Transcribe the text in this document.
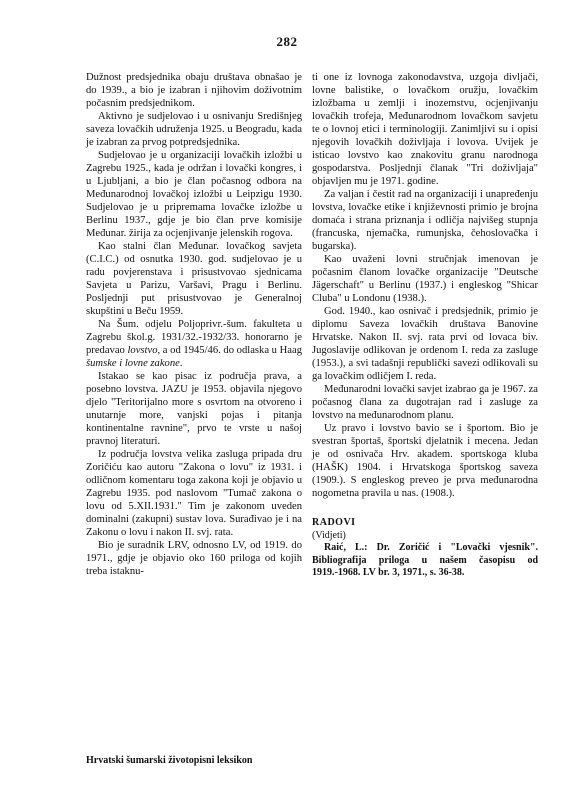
282

Dužnost predsjednika obaju društava obnašao je do 1939., a bio je izabran i njihovim doživotnim počasnim predsjednikom.

Aktivno je sudjelovao i u osnivanju Središnjeg saveza lovačkih udruženja 1925. u Beogradu, kada je izabran za prvog potpredsjednika.

Sudjelovao je u organizaciji lovačkih izložbi u Zagrebu 1925., kada je održan i lovački kongres, i u Ljubljani, a bio je član počasnog odbora na Međunarodnoj lovačkoj izložbi u Leipzigu 1930. Sudjelovao je u pripremama lovačke izložbe u Berlinu 1937., gdje je bio član prve komisije Međunar. žirija za ocjenjivanje jelenskih rogova.

Kao stalni član Međunar. lovačkog savjeta (C.I.C.) od osnutka 1930. god. sudjelovao je u radu povjerenstava i prisustvovao sjednicama Savjeta u Parizu, Varšavi, Pragu i Berlinu. Posljednji put prisustvovao je Generalnoj skupštini u Beču 1959.

Na Šum. odjelu Poljoprivr.-šum. fakulteta u Zagrebu škol.g. 1931/32.-1932/33. honorarno je predavao lovstvo, a od 1945/46. do odlaska u Haag šumske i lovne zakone.

Istakao se kao pisac iz područja prava, a posebno lovstva. JAZU je 1953. objavila njegovo djelo "Teritorijalno more s osvrtom na otvoreno i unutarnje more, vanjski pojas i pitanja kontinentalne ravnine", prvo te vrste u našoj pravnoj literaturi.

Iz područja lovstva velika zasluga pripada dru Zoričiću kao autoru "Zakona o lovu" iz 1931. i odličnom komentaru toga zakona koji je objavio u Zagrebu 1935. pod naslovom "Tumač zakona o lovu od 5.XII.1931." Tim je zakonom uveden dominalni (zakupni) sustav lova. Surađivao je i na Zakonu o lovu i nakon II. svj. rata.

Bio je suradnik LRV, odnosno LV, od 1919. do 1971., gdje je objavio oko 160 priloga od kojih treba istaknu-

ti one iz lovnoga zakonodavstva, uzgoja divljači, lovne balistike, o lovačkom oružju, lovačkim izložbama u zemlji i inozemstvu, ocjenjivanju lovačkih trofeja, Međunarodnom lovačkom savjetu te o lovnoj etici i terminologiji. Zanimljivi su i opisi njegovih lovačkih doživljaja i lovova. Uvijek je isticao lovstvo kao znakovitu granu narodnoga gospodarstva. Posljednji članak "Tri doživljaja" objavljen mu je 1971. godine.

Za valjan i čestit rad na organizaciji i unapređenju lovstva, lovačke etike i književnosti primio je brojna domaća i strana priznanja i odličja najvišeg stupnja (francuska, njemačka, rumunjska, čehoslovačka i bugarska).

Kao uvaženi lovni stručnjak imenovan je počasnim članom lovačke organizacije "Deutsche Jägerschaft" u Berlinu (1937.) i engleskog "Shicar Cluba" u Londonu (1938.).

God. 1940., kao osnivač i predsjednik, primio je diplomu Saveza lovačkih društava Banovine Hrvatske. Nakon II. svj. rata prvi od lovaca biv. Jugoslavije odlikovan je ordenom I. reda za zasluge (1953.), a svi tadašnji republički savezi odlikovali su ga lovačkim odličjem I. reda.

Međunarodni lovački savjet izabrao ga je 1967. za počasnog člana za dugotrajan rad i zasluge za lovstvo na međunarodnom planu.

Uz pravo i lovstvo bavio se i športom. Bio je svestran športaš, športski djelatnik i mecena. Jedan je od osnivača Hrv. akadem. sportskoga kluba (HAŠK) 1904. i Hrvatskoga športskog saveza (1909.). S engleskog preveo je prva međunarodna nogometna pravila u nas. (1908.).

RADOVI
(Vidjeti)
Raić, L.: Dr. Zoričić i "Lovački vjesnik". Bibliografija priloga u našem časopisu od 1919.-1968. LV br. 3, 1971., s. 36-38.
Hrvatski šumarski životopisni leksikon
